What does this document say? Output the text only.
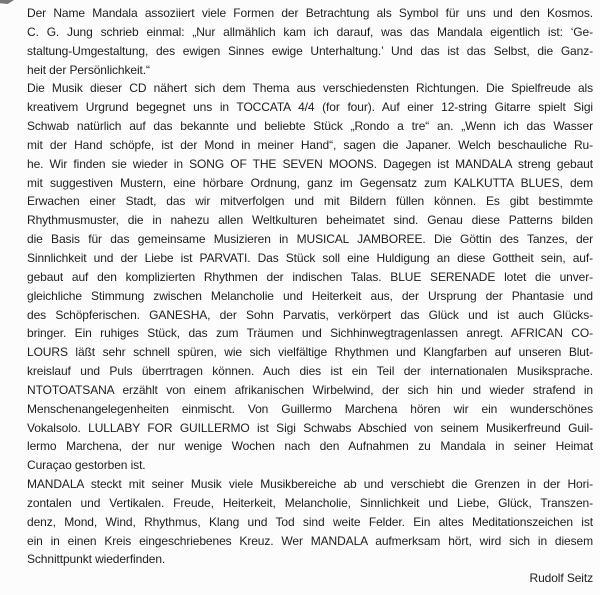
Der Name Mandala assoziiert viele Formen der Betrachtung als Symbol für uns und den Kosmos.
C. G. Jung schrieb einmal: „Nur allmählich kam ich darauf, was das Mandala eigentlich ist: ‘Ge-
staltung-Umgestaltung, des ewigen Sinnes ewige Unterhaltung.’ Und das ist das Selbst, die Ganz-
heit der Persönlichkeit.“
Die Musik dieser CD nähert sich dem Thema aus verschiedensten Richtungen. Die Spielfreude als
kreativem Urgrund begegnet uns in TOCCATA 4/4 (for four). Auf einer 12-string Gitarre spielt Sigi
Schwab natürlich auf das bekannte und beliebte Stück „Rondo a tre“ an. „Wenn ich das Wasser
mit der Hand schöpfe, ist der Mond in meiner Hand“, sagen die Japaner. Welch beschauliche Ru-
he. Wir finden sie wieder in SONG OF THE SEVEN MOONS. Dagegen ist MANDALA streng gebaut
mit suggestiven Mustern, eine hörbare Ordnung, ganz im Gegensatz zum KALKUTTA BLUES, dem
Erwachen einer Stadt, das wir mitverfolgen und mit Bildern füllen können. Es gibt bestimmte
Rhythmusmuster, die in nahezu allen Weltkulturen beheimatet sind. Genau diese Patterns bilden
die Basis für das gemeinsame Musizieren in MUSICAL JAMBOREE. Die Göttin des Tanzes, der
Sinnlichkeit und der Liebe ist PARVATI. Das Stück soll eine Huldigung an diese Gottheit sein, auf-
gebaut auf den komplizierten Rhythmen der indischen Talas. BLUE SERENADE lotet die unver-
gleichliche Stimmung zwischen Melancholie und Heiterkeit aus, der Ursprung der Phantasie und
des Schöpferischen. GANESHA, der Sohn Parvatis, verkörpert das Glück und ist auch Glücks-
bringer. Ein ruhiges Stück, das zum Träumen und Sichhinwegtragenlassen anregt. AFRICAN CO-
LOURS läßt sehr schnell spüren, wie sich vielfältige Rhythmen und Klangfarben auf unseren Blut-
kreislauf und Puls überrtragen können. Auch dies ist ein Teil der internationalen Musiksprache.
NTOTOATSANA erzählt von einem afrikanischen Wirbelwind, der sich hin und wieder strafend in
Menschenangelegenheiten einmischt. Von Guillermo Marchena hören wir ein wunderschönes
Vokalsolo. LULLABY FOR GUILLERMO ist Sigi Schwabs Abschied von seinem Musikerfreund Guil-
lermo Marchena, der nur wenige Wochen nach den Aufnahmen zu Mandala in seiner Heimat
Curaçao gestorben ist.
MANDALA steckt mit seiner Musik viele Musikbereiche ab und verschiebt die Grenzen in der Hori-
zontalen und Vertikalen. Freude, Heiterkeit, Melancholie, Sinnlichkeit und Liebe, Glück, Transzen-
denz, Mond, Wind, Rhythmus, Klang und Tod sind weite Felder. Ein altes Meditationszeichen ist
ein in einen Kreis eingeschriebenes Kreuz. Wer MANDALA aufmerksam hört, wird sich in diesem
Schnittpunkt wiederfinden.
Rudolf Seitz
